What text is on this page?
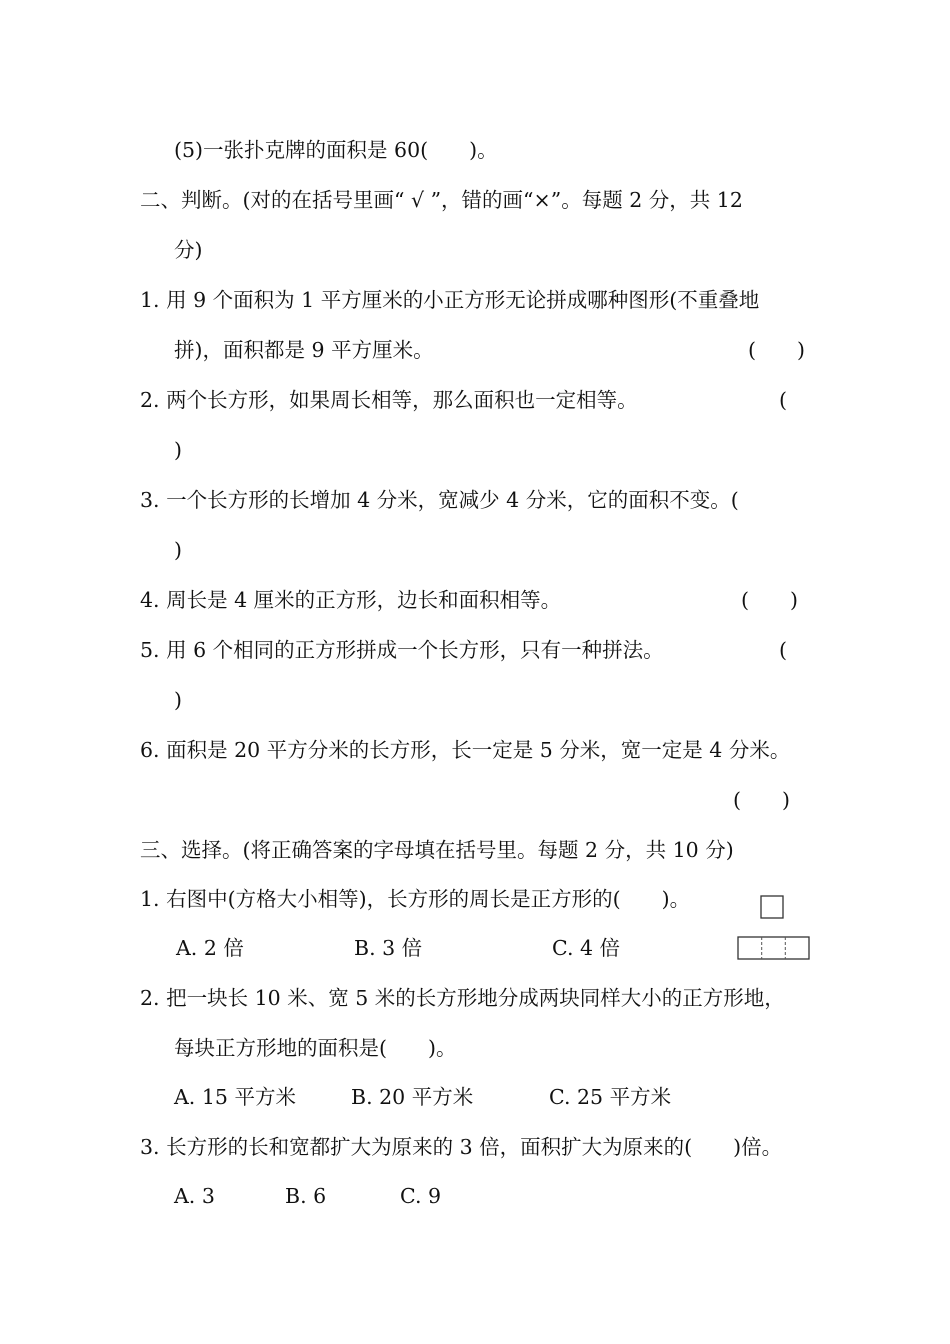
(5)一张扑克牌的面积是 60(　　)。
二、判断。(对的在括号里画“ √ ”，错的画“×”。每题 2 分，共 12
分)
1. 用 9 个面积为 1 平方厘米的小正方形无论拼成哪种图形(不重叠地
拼)，面积都是 9 平方厘米。	(　　)
2. 两个长方形，如果周长相等，那么面积也一定相等。	(
)
3. 一个长方形的长增加 4 分米，宽减少 4 分米，它的面积不变。(
)
4. 周长是 4 厘米的正方形，边长和面积相等。	(　　)
5. 用 6 个相同的正方形拼成一个长方形，只有一种拼法。	(
)
6. 面积是 20 平方分米的长方形，长一定是 5 分米，宽一定是 4 分米。
(　　)
三、选择。(将正确答案的字母填在括号里。每题 2 分，共 10 分)
1. 右图中(方格大小相等)，长方形的周长是正方形的(　　)。
A. 2 倍	B. 3 倍	C. 4 倍
2. 把一块长 10 米、宽 5 米的长方形地分成两块同样大小的正方形地，
每块正方形地的面积是(　　)。
A. 15 平方米	B. 20 平方米	C. 25 平方米
3. 长方形的长和宽都扩大为原来的 3 倍，面积扩大为原来的(　　)倍。
A. 3	B. 6	C. 9
